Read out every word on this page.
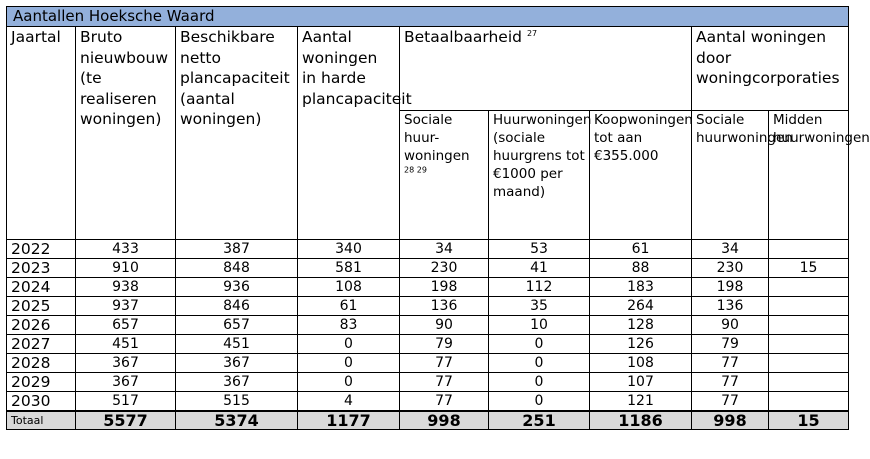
Aantallen Hoeksche Waard								
Jaartal	Bruto nieuwbouw (te realiseren woningen)	Beschikbare netto plancapaciteit (aantal woningen)	Aantal woningen in harde plancapaciteit	Betaalbaarheid $^{27}$			Aantal woningen door woningcorporaties	
				Sociale huur-woningen $^{28 29}$	Huurwoningen (sociale huurgrens tot €1000 per maand)	Koopwoningen tot aan €355.000	Sociale huurwoningen	Midden huurwoningen
2022	433	387	340	34	53	61	34	
2023	910	848	581	230	41	88	230	15
2024	938	936	108	198	112	183	198	
2025	937	846	61	136	35	264	136	
2026	657	657	83	90	10	128	90	
2027	451	451	0	79	0	126	79	
2028	367	367	0	77	0	108	77	
2029	367	367	0	77	0	107	77	
2030	517	515	4	77	0	121	77	
Totaal	5577	5374	1177	998	251	1186	998	15
